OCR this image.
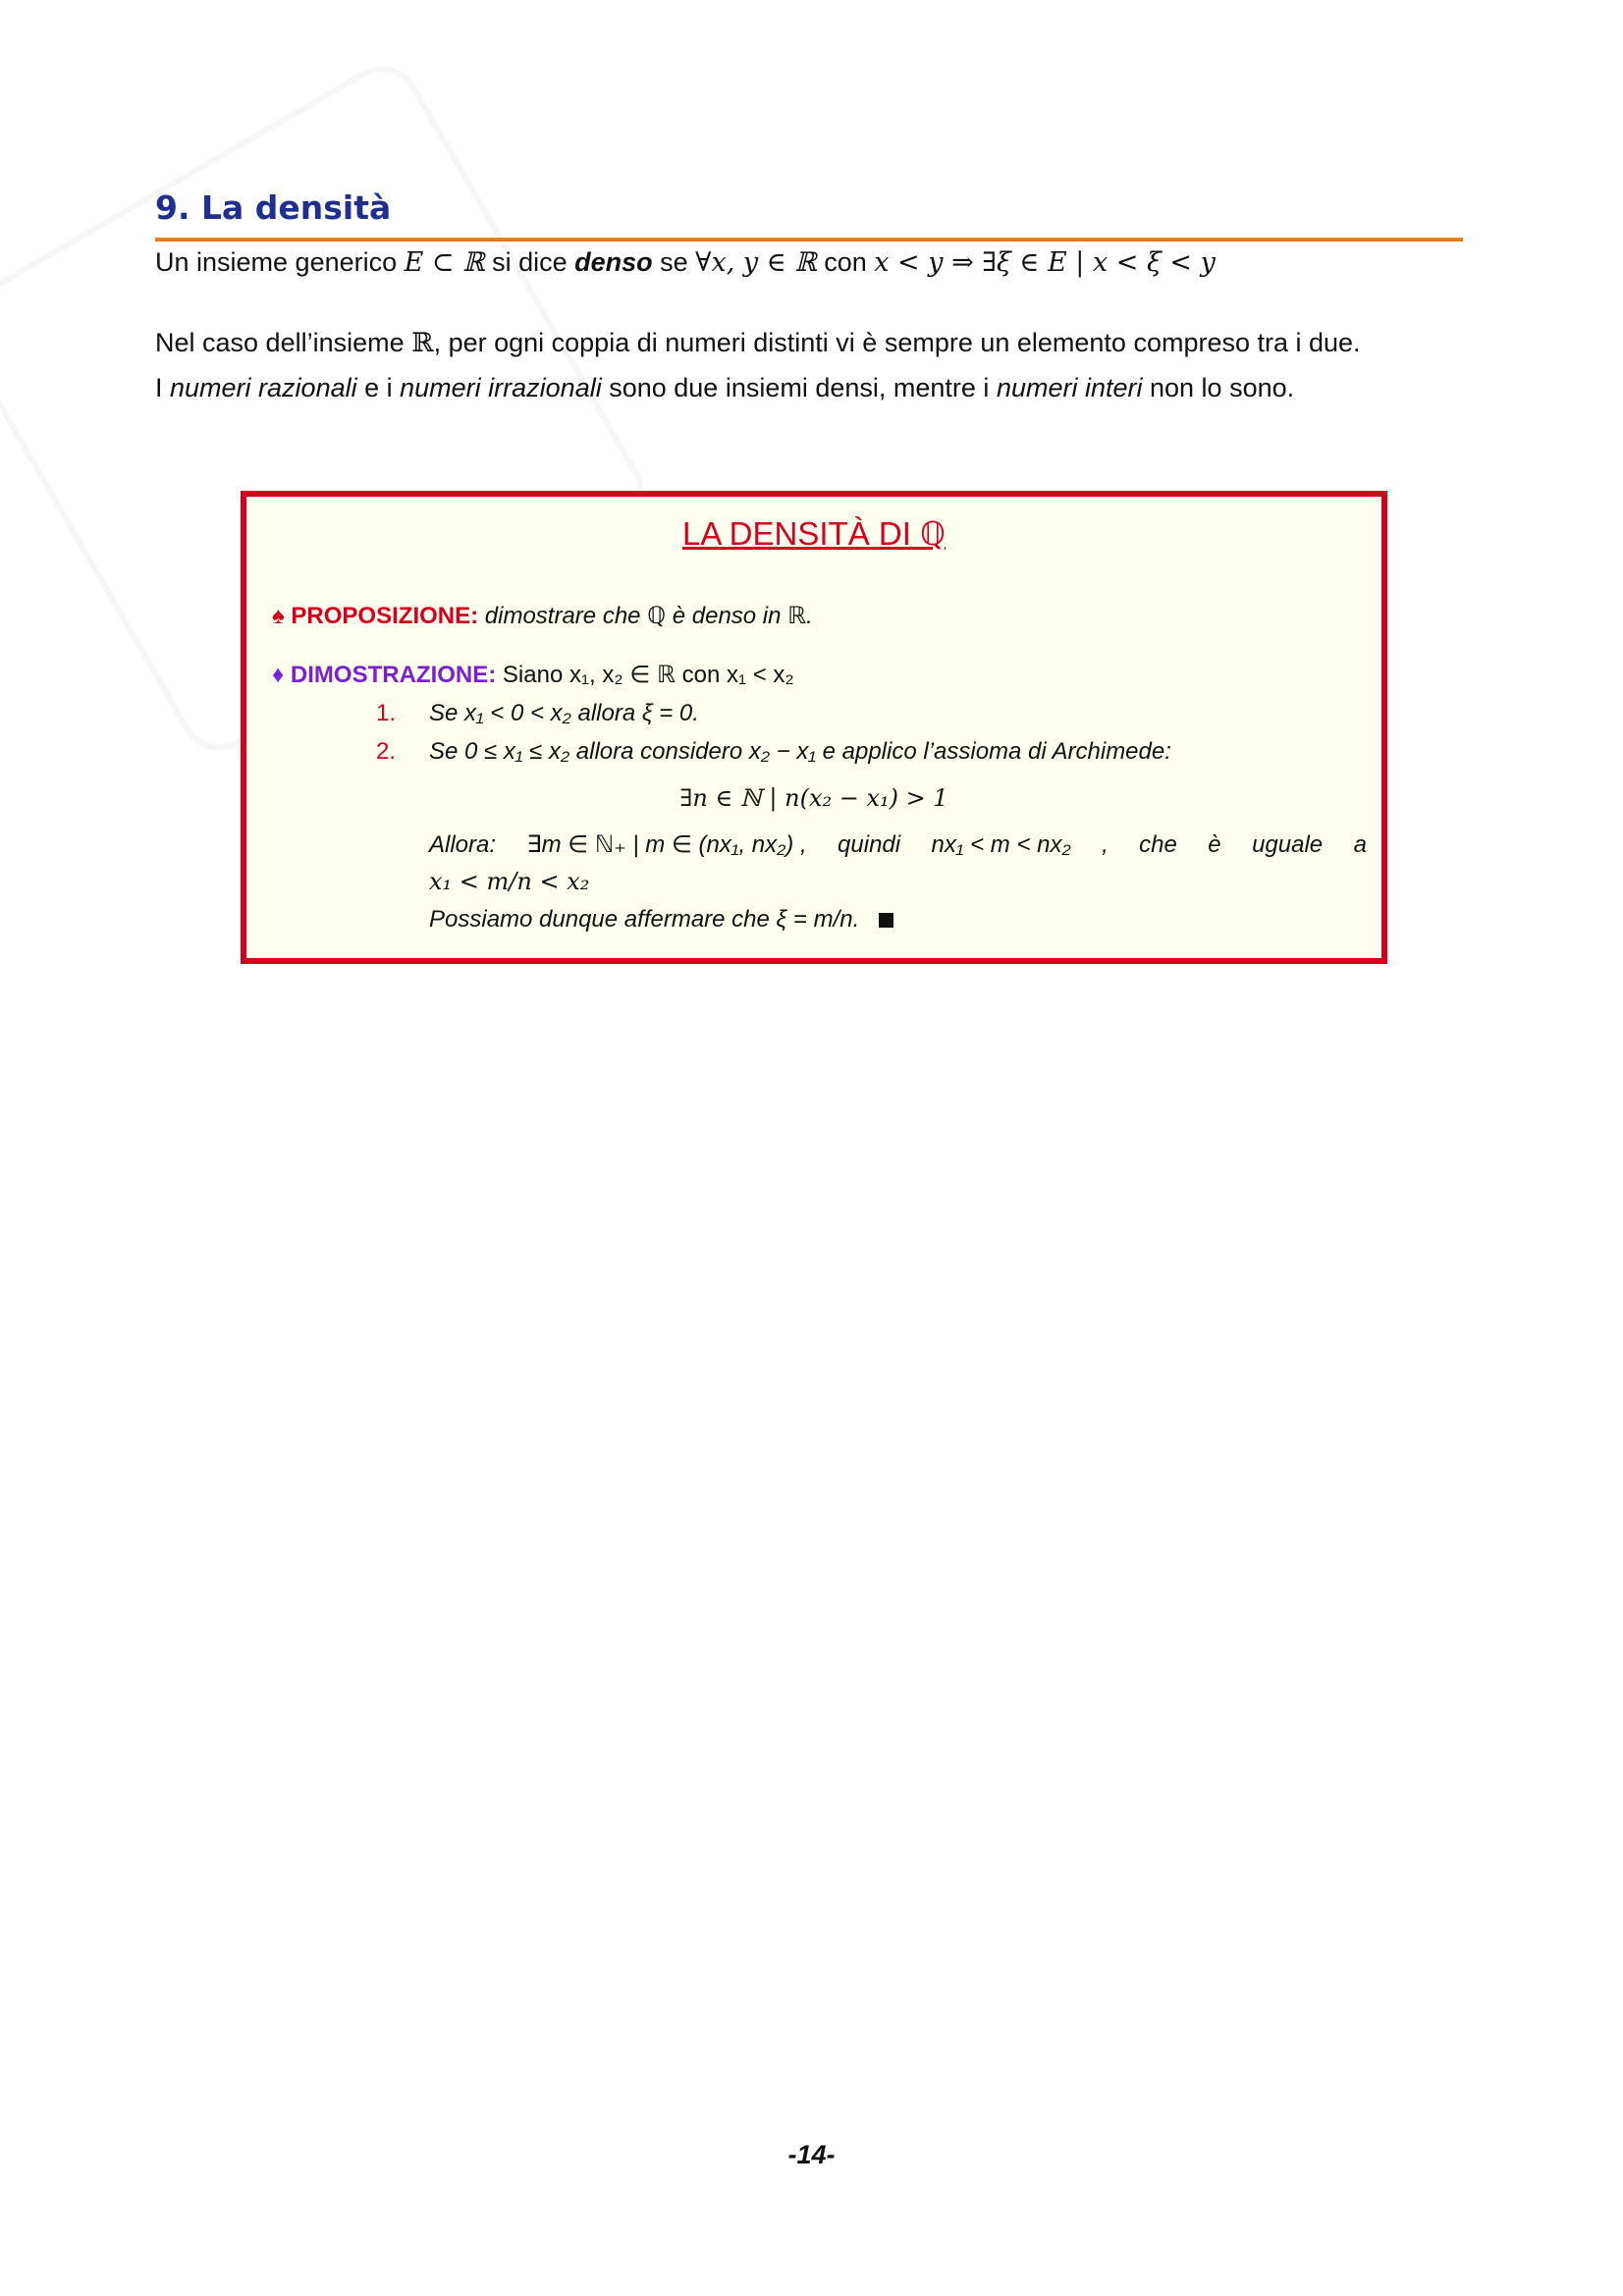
9. La densità
Un insieme generico E ⊂ ℝ si dice denso se ∀x, y ∈ ℝ con x < y ⇒ ∃ξ ∈ E | x < ξ < y
Nel caso dell’insieme ℝ, per ogni coppia di numeri distinti vi è sempre un elemento compreso tra i due.
I numeri razionali e i numeri irrazionali sono due insiemi densi, mentre i numeri interi non lo sono.
LA DENSITÀ DI ℚ
♠ PROPOSIZIONE: dimostrare che ℚ è denso in ℝ.
♦ DIMOSTRAZIONE: Siano x₁, x₂ ∈ ℝ con x₁ < x₂
1. Se x₁ < 0 < x₂ allora ξ = 0.
2. Se 0 ≤ x₁ ≤ x₂ allora considero x₂ − x₁ e applico l’assioma di Archimede:
∃n ∈ ℕ | n(x₂ − x₁) > 1
Allora: ∃m ∈ ℕ₊ | m ∈ (nx₁, nx₂) , quindi nx₁ < m < nx₂ , che è uguale a
x₁ < m/n < x₂
Possiamo dunque affermare che ξ = m/n.
-14-
